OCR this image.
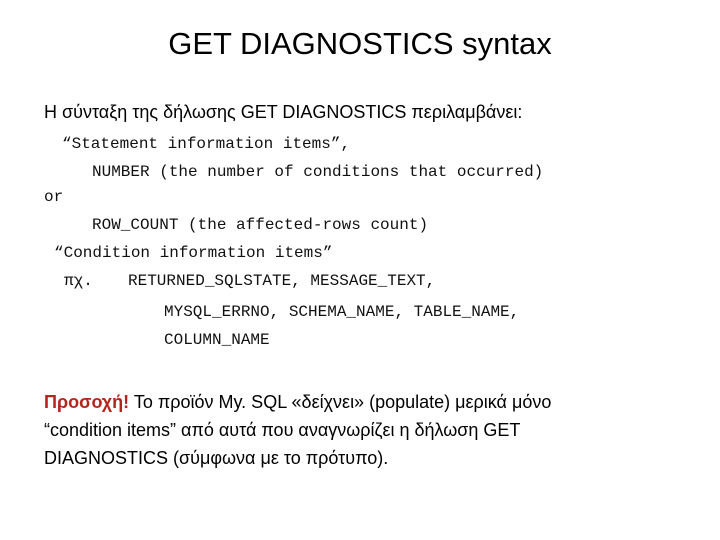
GET DIAGNOSTICS syntax
Η σύνταξη της δήλωσης GET DIAGNOSTICS περιλαμβάνει:
“Statement information items”,
NUMBER (the number of conditions that occurred)
or
ROW_COUNT (the affected-rows count)
“Condition information items”
πχ. RETURNED_SQLSTATE, MESSAGE_TEXT,
MYSQL_ERRNO, SCHEMA_NAME, TABLE_NAME,
COLUMN_NAME
Προσοχή! Το προϊόν My. SQL «δείχνει» (populate) μερικά μόνο
“condition items” από αυτά που αναγνωρίζει η δήλωση GET
DIAGNOSTICS (σύμφωνα με το πρότυπο).
